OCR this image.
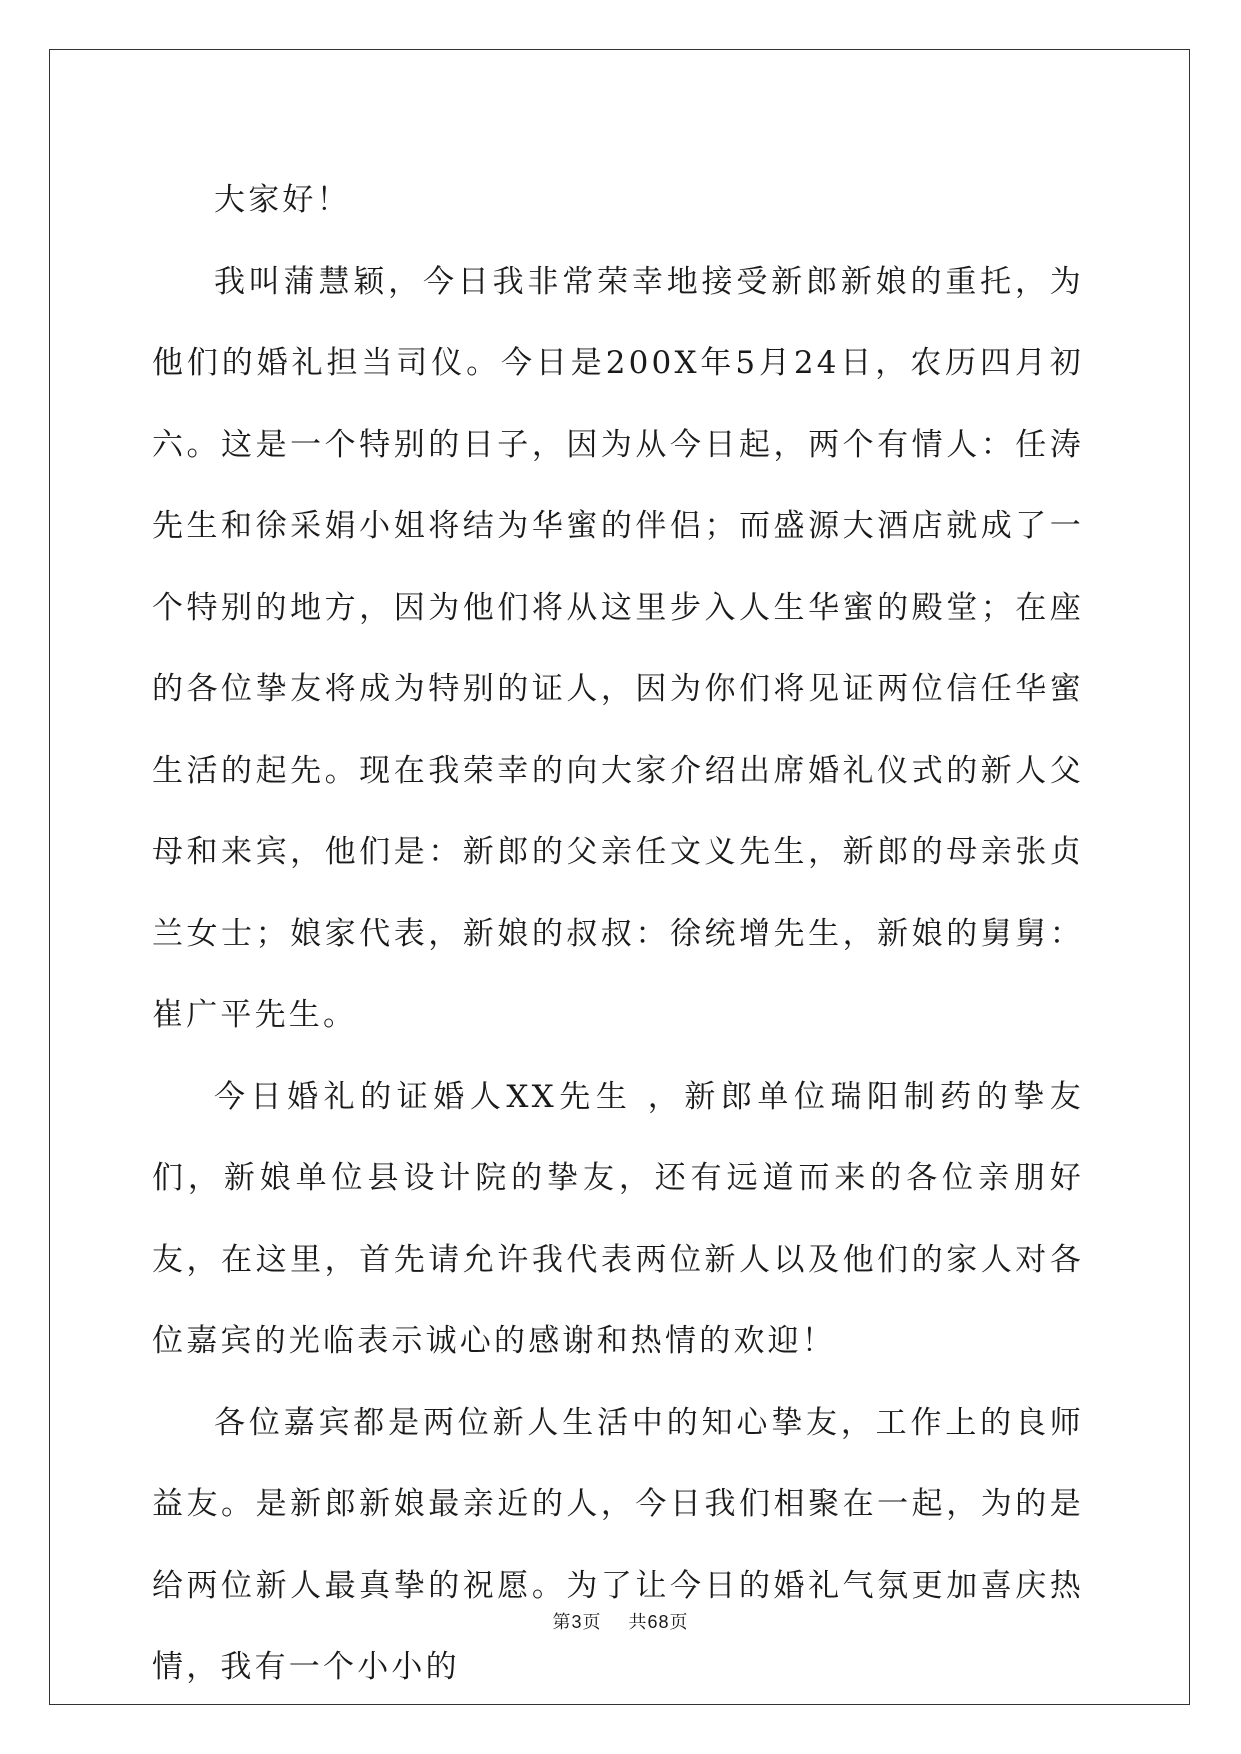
大家好！

我叫蒲慧颖，今日我非常荣幸地接受新郎新娘的重托，为他们的婚礼担当司仪。今日是200X年5月24日，农历四月初六。这是一个特别的日子，因为从今日起，两个有情人：任涛先生和徐采娟小姐将结为华蜜的伴侣；而盛源大酒店就成了一个特别的地方，因为他们将从这里步入人生华蜜的殿堂；在座的各位挚友将成为特别的证人，因为你们将见证两位信任华蜜生活的起先。现在我荣幸的向大家介绍出席婚礼仪式的新人父母和来宾，他们是：新郎的父亲任文义先生，新郎的母亲张贞兰女士；娘家代表，新娘的叔叔：徐统增先生，新娘的舅舅：崔广平先生。

今日婚礼的证婚人XX先生 ，新郎单位瑞阳制药的挚友们，新娘单位县设计院的挚友，还有远道而来的各位亲朋好友，在这里，首先请允许我代表两位新人以及他们的家人对各位嘉宾的光临表示诚心的感谢和热情的欢迎！

各位嘉宾都是两位新人生活中的知心挚友，工作上的良师益友。是新郎新娘最亲近的人，今日我们相聚在一起，为的是给两位新人最真挚的祝愿。为了让今日的婚礼气氛更加喜庆热情，我有一个小小的

第3页 共68页
